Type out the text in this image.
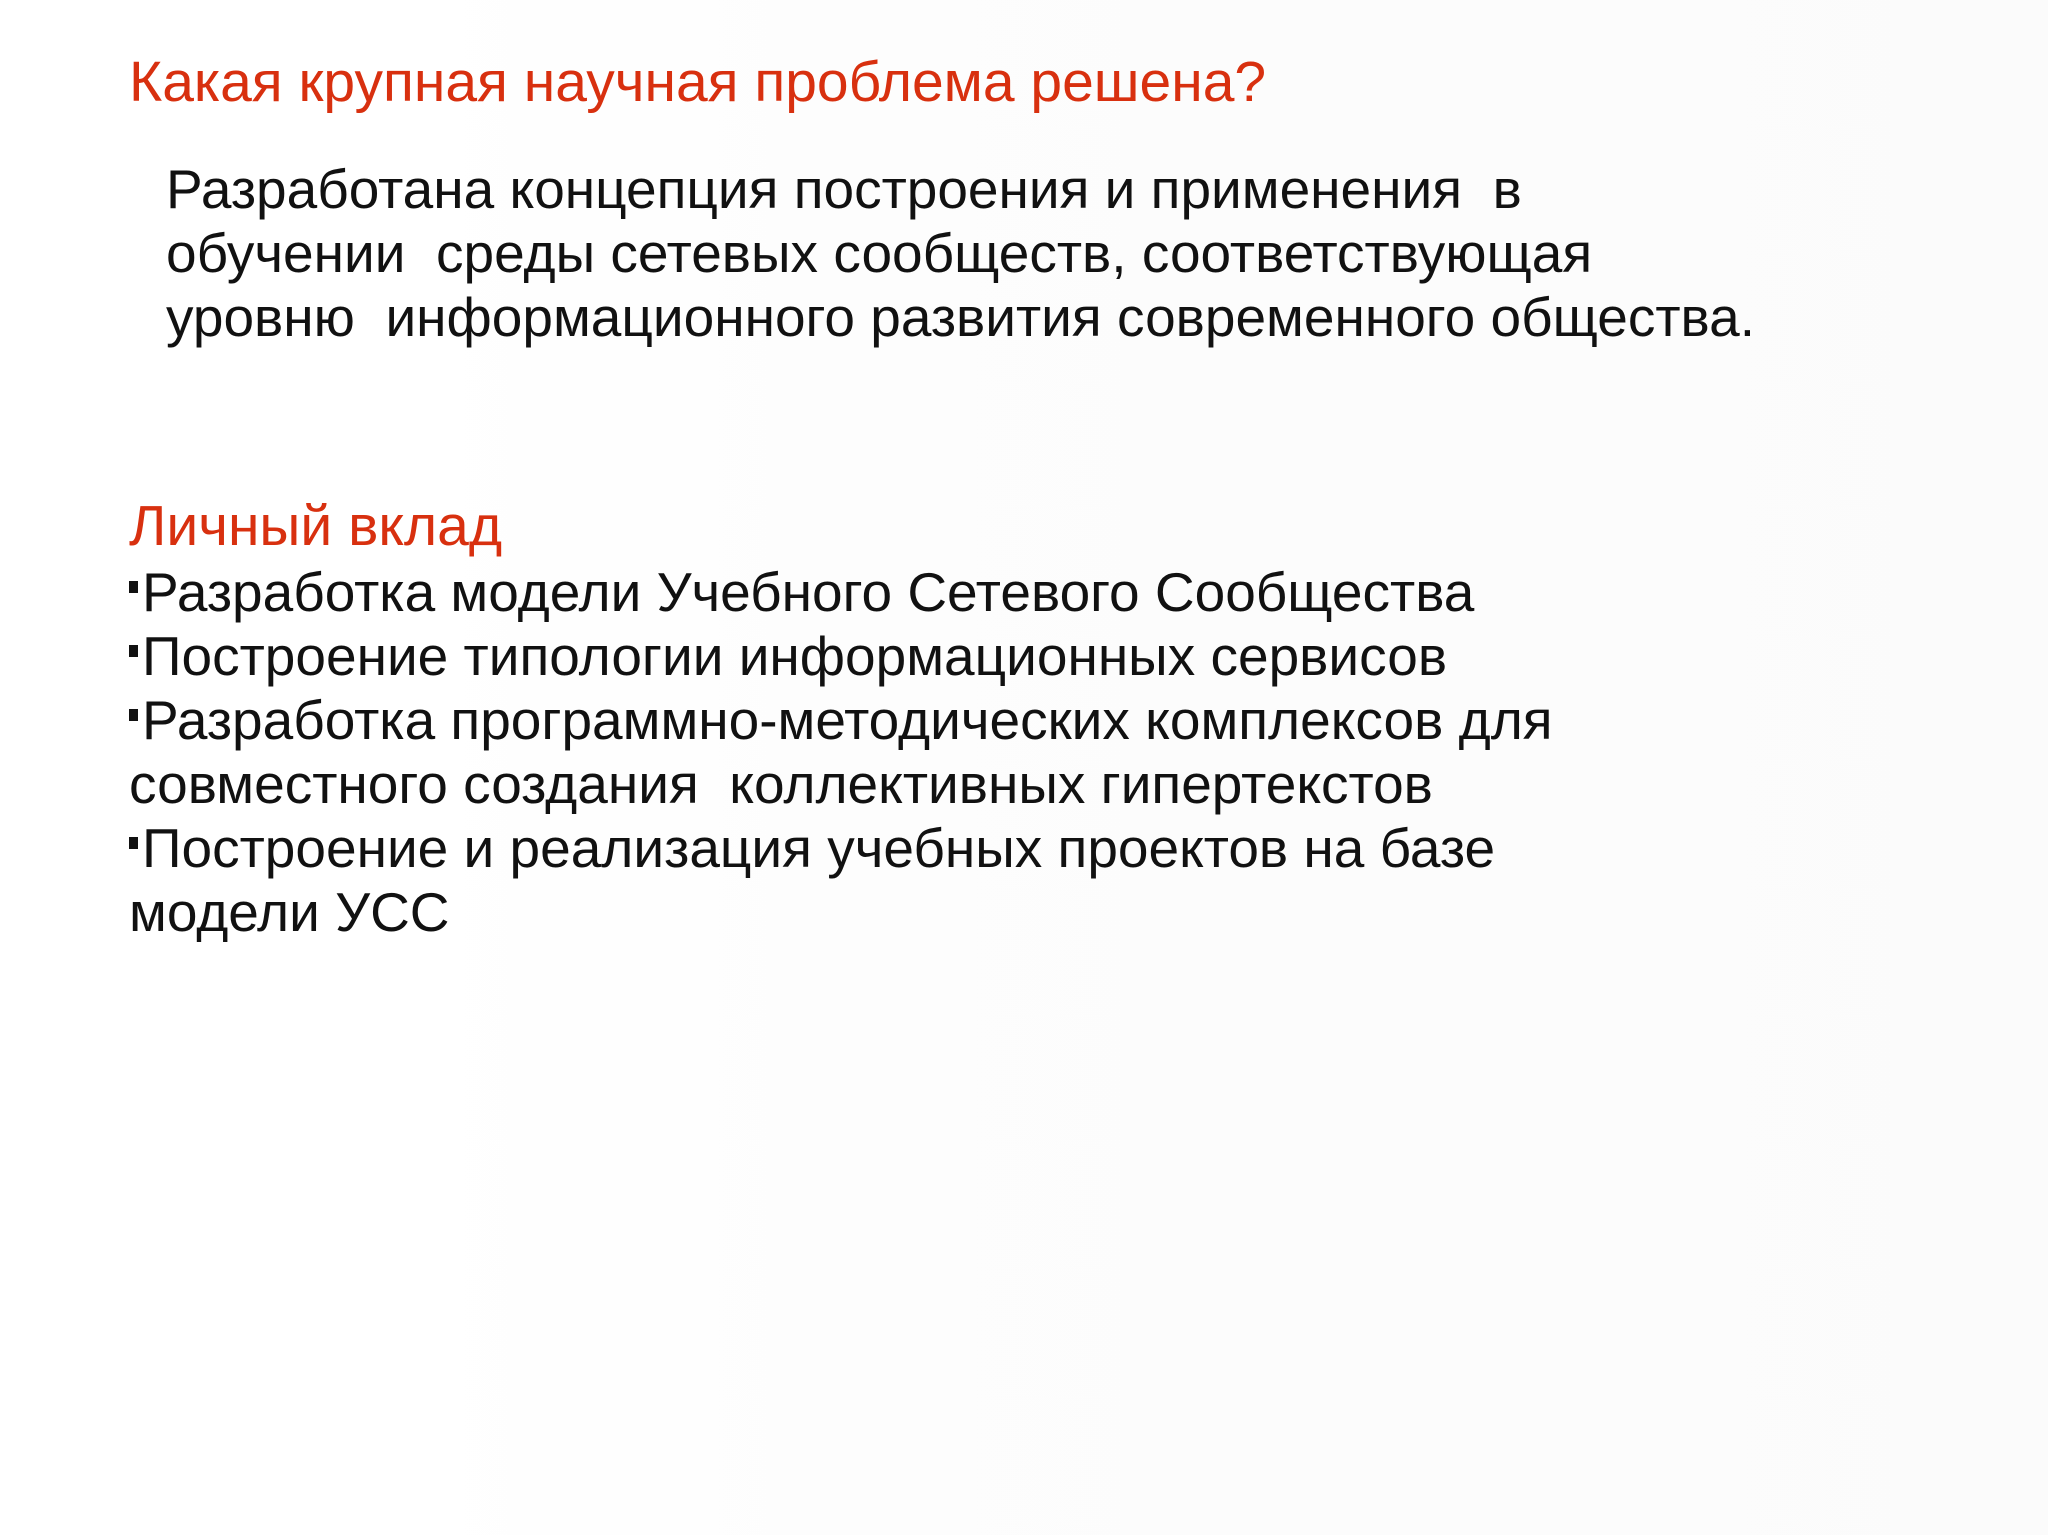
Какая крупная научная проблема решена?

Разработана концепция построения и применения  в
обучении  среды сетевых сообществ, соответствующая
уровню  информационного развития современного общества.

Личный вклад
Разработка модели Учебного Сетевого Сообщества
Построение типологии информационных сервисов
Разработка программно-методических комплексов для
совместного создания  коллективных гипертекстов
Построение и реализация учебных проектов на базе
модели УСС
